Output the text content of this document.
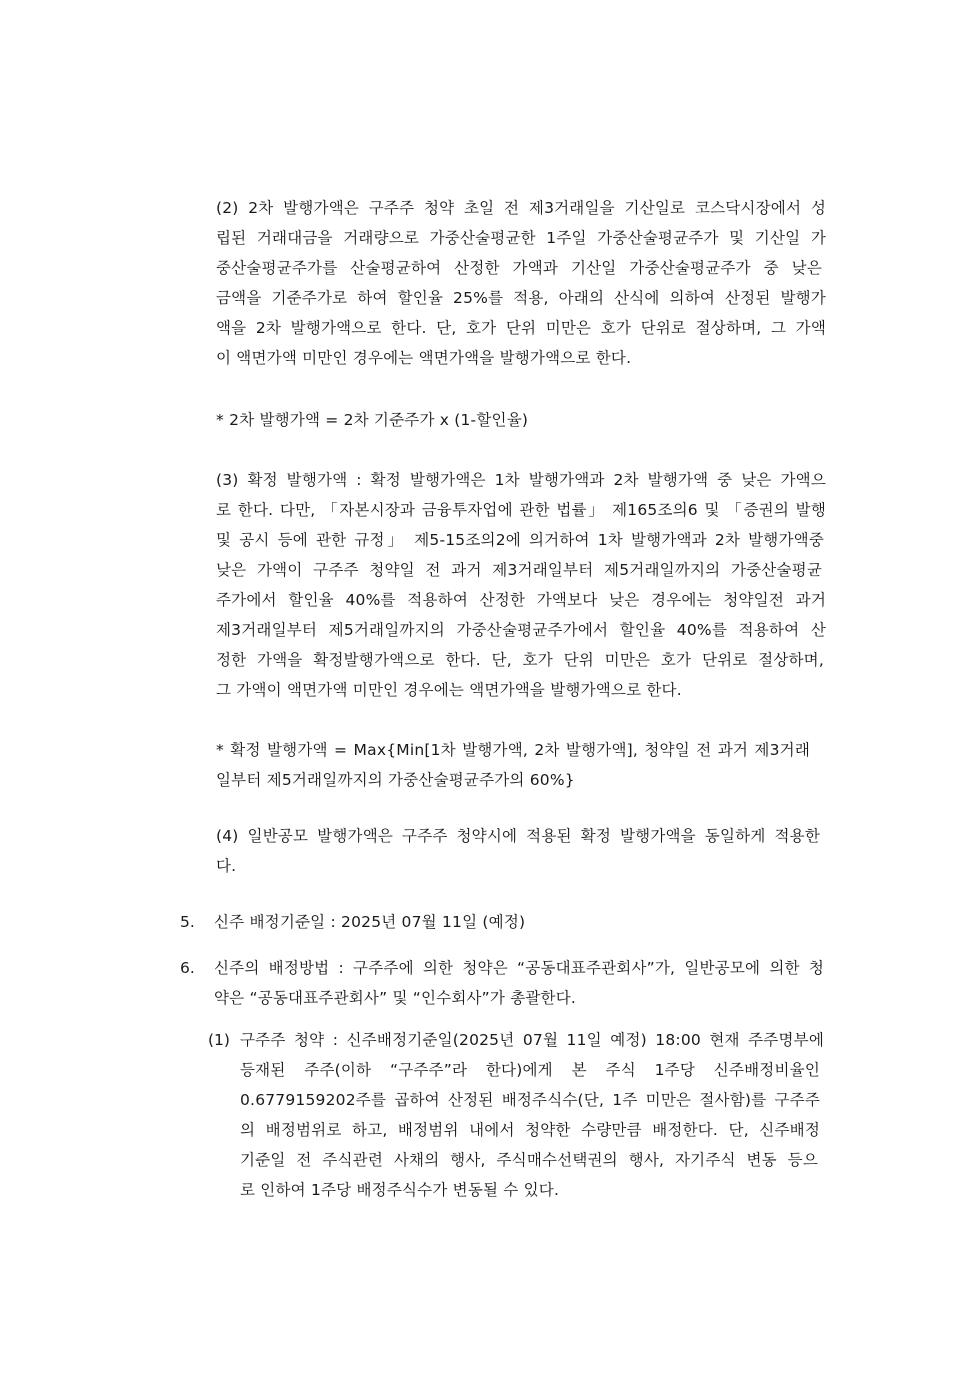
(2) 2차 발행가액은 구주주 청약 초일 전 제3거래일을 기산일로 코스닥시장에서 성
립된 거래대금을 거래량으로 가중산술평균한 1주일 가중산술평균주가 및 기산일 가
중산술평균주가를 산술평균하여 산정한 가액과 기산일 가중산술평균주가 중 낮은
금액을 기준주가로 하여 할인율 25%를 적용, 아래의 산식에 의하여 산정된 발행가
액을 2차 발행가액으로 한다. 단, 호가 단위 미만은 호가 단위로 절상하며, 그 가액
이 액면가액 미만인 경우에는 액면가액을 발행가액으로 한다.
* 2차 발행가액 = 2차 기준주가 x (1-할인율)
(3) 확정 발행가액 : 확정 발행가액은 1차 발행가액과 2차 발행가액 중 낮은 가액으
로 한다. 다만, 「자본시장과 금융투자업에 관한 법률」 제165조의6 및 「증권의 발행
및 공시 등에 관한 규정」 제5-15조의2에 의거하여 1차 발행가액과 2차 발행가액중
낮은 가액이 구주주 청약일 전 과거 제3거래일부터 제5거래일까지의 가중산술평균
주가에서 할인율 40%를 적용하여 산정한 가액보다 낮은 경우에는 청약일전 과거
제3거래일부터 제5거래일까지의 가중산술평균주가에서 할인율 40%를 적용하여 산
정한 가액을 확정발행가액으로 한다. 단, 호가 단위 미만은 호가 단위로 절상하며,
그 가액이 액면가액 미만인 경우에는 액면가액을 발행가액으로 한다.
* 확정 발행가액 = Max{Min[1차 발행가액, 2차 발행가액], 청약일 전 과거 제3거래
일부터 제5거래일까지의 가중산술평균주가의 60%}
(4) 일반공모 발행가액은 구주주 청약시에 적용된 확정 발행가액을 동일하게 적용한
다.
5. 신주 배정기준일 : 2025년 07월 11일 (예정)
6. 신주의 배정방법 : 구주주에 의한 청약은 “공동대표주관회사”가, 일반공모에 의한 청
약은 “공동대표주관회사” 및 “인수회사”가 총괄한다.
(1) 구주주 청약 : 신주배정기준일(2025년 07월 11일 예정) 18:00 현재 주주명부에
등재된 주주(이하 “구주주”라 한다)에게 본 주식 1주당 신주배정비율인
0.6779159202주를 곱하여 산정된 배정주식수(단, 1주 미만은 절사함)를 구주주
의 배정범위로 하고, 배정범위 내에서 청약한 수량만큼 배정한다. 단, 신주배정
기준일 전 주식관련 사채의 행사, 주식매수선택권의 행사, 자기주식 변동 등으
로 인하여 1주당 배정주식수가 변동될 수 있다.
